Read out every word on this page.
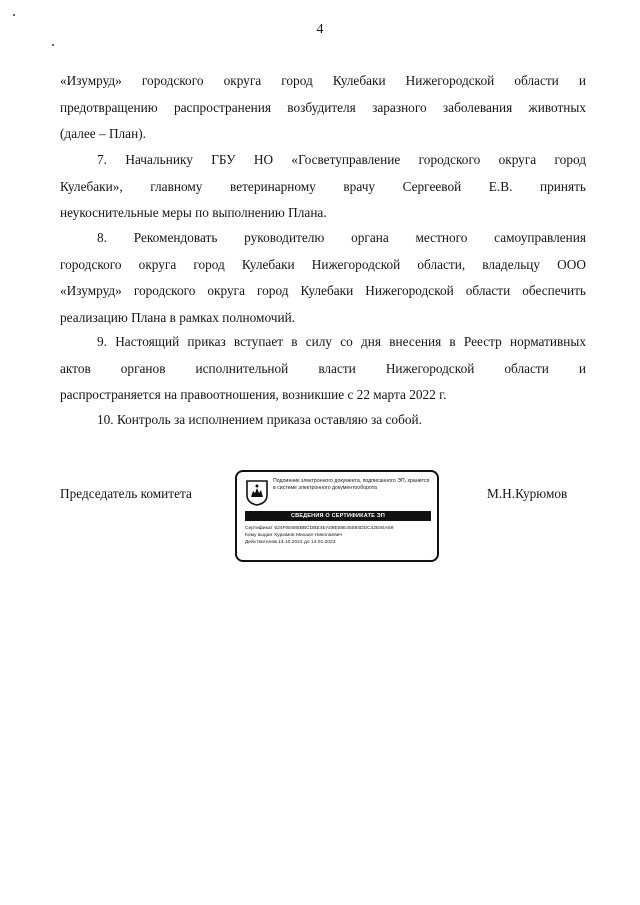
4

«Изумруд» городского округа город Кулебаки Нижегородской области и

предотвращению распространения возбудителя заразного заболевания животных

(далее – План).

7. Начальнику ГБУ НО «Госветуправление городского округа город

Кулебаки», главному ветеринарному врачу Сергеевой Е.В. принять

неукоснительные меры по выполнению Плана.

8. Рекомендовать руководителю органа местного самоуправления

городского округа город Кулебаки Нижегородской области, владельцу ООО

«Изумруд» городского округа город Кулебаки Нижегородской области обеспечить

реализацию Плана в рамках полномочий.

9. Настоящий приказ вступает в силу со дня внесения в Реестр нормативных

актов органов исполнительной власти Нижегородской области и

распространяется на правоотношения, возникшие с 22 марта 2022 г.

10. Контроль за исполнением приказа оставляю за собой.

Председатель комитета	М.Н.Курюмов
Подлинник электронного документа, подписанного ЭП, хранится в системе электронного документооборота
СВЕДЕНИЯ О СЕРТИФИКАТЕ ЭП
Сертификат 624F0E685BBCDBE4EA08E58E45594DDC42E84A59
Кому выдан Курюмов Михаил Николаевич
Действителен с 14.10.2021 до 14.01.2023
